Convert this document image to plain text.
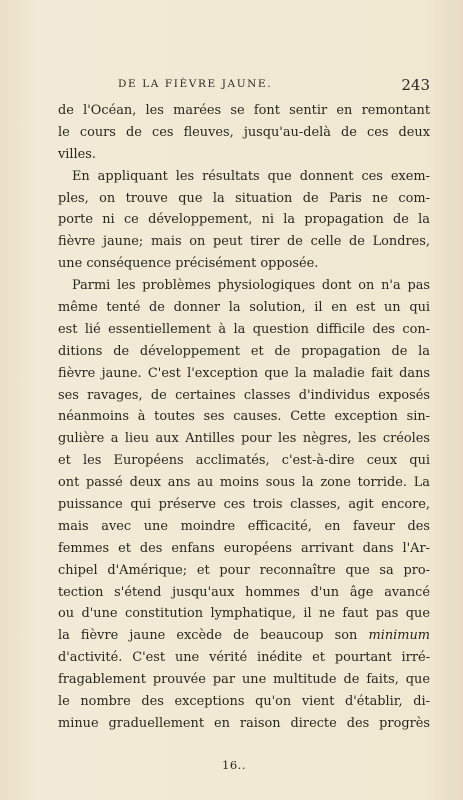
DE LA FIÈVRE JAUNE.	243
de l'Océan, les marées se font sentir en remontant
le cours de ces fleuves, jusqu'au-delà de ces deux
villes.
En appliquant les résultats que donnent ces exem-
ples, on trouve que la situation de Paris ne com-
porte ni ce développement, ni la propagation de la
fièvre jaune; mais on peut tirer de celle de Londres,
une conséquence précisément opposée.
Parmi les problèmes physiologiques dont on n'a pas
même tenté de donner la solution, il en est un qui
est lié essentiellement à la question difficile des con-
ditions de développement et de propagation de la
fièvre jaune. C'est l'exception que la maladie fait dans
ses ravages, de certaines classes d'individus exposés
néanmoins à toutes ses causes. Cette exception sin-
gulière a lieu aux Antilles pour les nègres, les créoles
et les Européens acclimatés, c'est-à-dire ceux qui
ont passé deux ans au moins sous la zone torride. La
puissance qui préserve ces trois classes, agit encore,
mais avec une moindre efficacité, en faveur des
femmes et des enfans européens arrivant dans l'Ar-
chipel d'Amérique; et pour reconnaître que sa pro-
tection s'étend jusqu'aux hommes d'un âge avancé
ou d'une constitution lymphatique, il ne faut pas que
la fièvre jaune excède de beaucoup son minimum
d'activité. C'est une vérité inédite et pourtant irré-
fragablement prouvée par une multitude de faits, que
le nombre des exceptions qu'on vient d'établir, di-
minue graduellement en raison directe des progrès
16..
